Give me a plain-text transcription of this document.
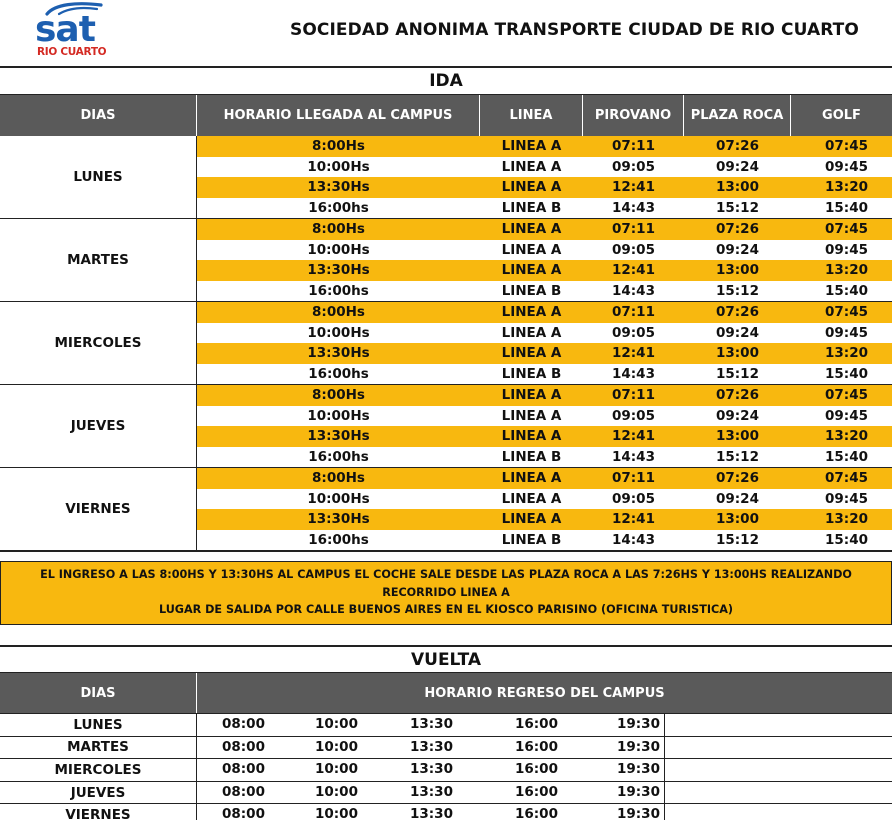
sat
RIO CUARTO
SOCIEDAD ANONIMA TRANSPORTE CIUDAD DE RIO CUARTO
IDA
DIAS	HORARIO LLEGADA AL CAMPUS	LINEA	PIROVANO	PLAZA ROCA	GOLF
LUNES
8:00Hs	LINEA A	07:11	07:26	07:45
10:00Hs	LINEA A	09:05	09:24	09:45
13:30Hs	LINEA A	12:41	13:00	13:20
16:00hs	LINEA B	14:43	15:12	15:40
MARTES
8:00Hs	LINEA A	07:11	07:26	07:45
10:00Hs	LINEA A	09:05	09:24	09:45
13:30Hs	LINEA A	12:41	13:00	13:20
16:00hs	LINEA B	14:43	15:12	15:40
MIERCOLES
8:00Hs	LINEA A	07:11	07:26	07:45
10:00Hs	LINEA A	09:05	09:24	09:45
13:30Hs	LINEA A	12:41	13:00	13:20
16:00hs	LINEA B	14:43	15:12	15:40
JUEVES
8:00Hs	LINEA A	07:11	07:26	07:45
10:00Hs	LINEA A	09:05	09:24	09:45
13:30Hs	LINEA A	12:41	13:00	13:20
16:00hs	LINEA B	14:43	15:12	15:40
VIERNES
8:00Hs	LINEA A	07:11	07:26	07:45
10:00Hs	LINEA A	09:05	09:24	09:45
13:30Hs	LINEA A	12:41	13:00	13:20
16:00hs	LINEA B	14:43	15:12	15:40

EL INGRESO A LAS 8:00HS Y 13:30HS AL CAMPUS EL COCHE SALE DESDE LAS PLAZA ROCA A LAS 7:26HS Y 13:00HS REALIZANDO

RECORRIDO LINEA A

LUGAR DE SALIDA POR CALLE BUENOS AIRES EN EL KIOSCO PARISINO (OFICINA TURISTICA)

VUELTA
DIAS	HORARIO REGRESO DEL CAMPUS
LUNES	08:00	10:00	13:30	16:00	19:30
MARTES	08:00	10:00	13:30	16:00	19:30
MIERCOLES	08:00	10:00	13:30	16:00	19:30
JUEVES	08:00	10:00	13:30	16:00	19:30
VIERNES	08:00	10:00	13:30	16:00	19:30
